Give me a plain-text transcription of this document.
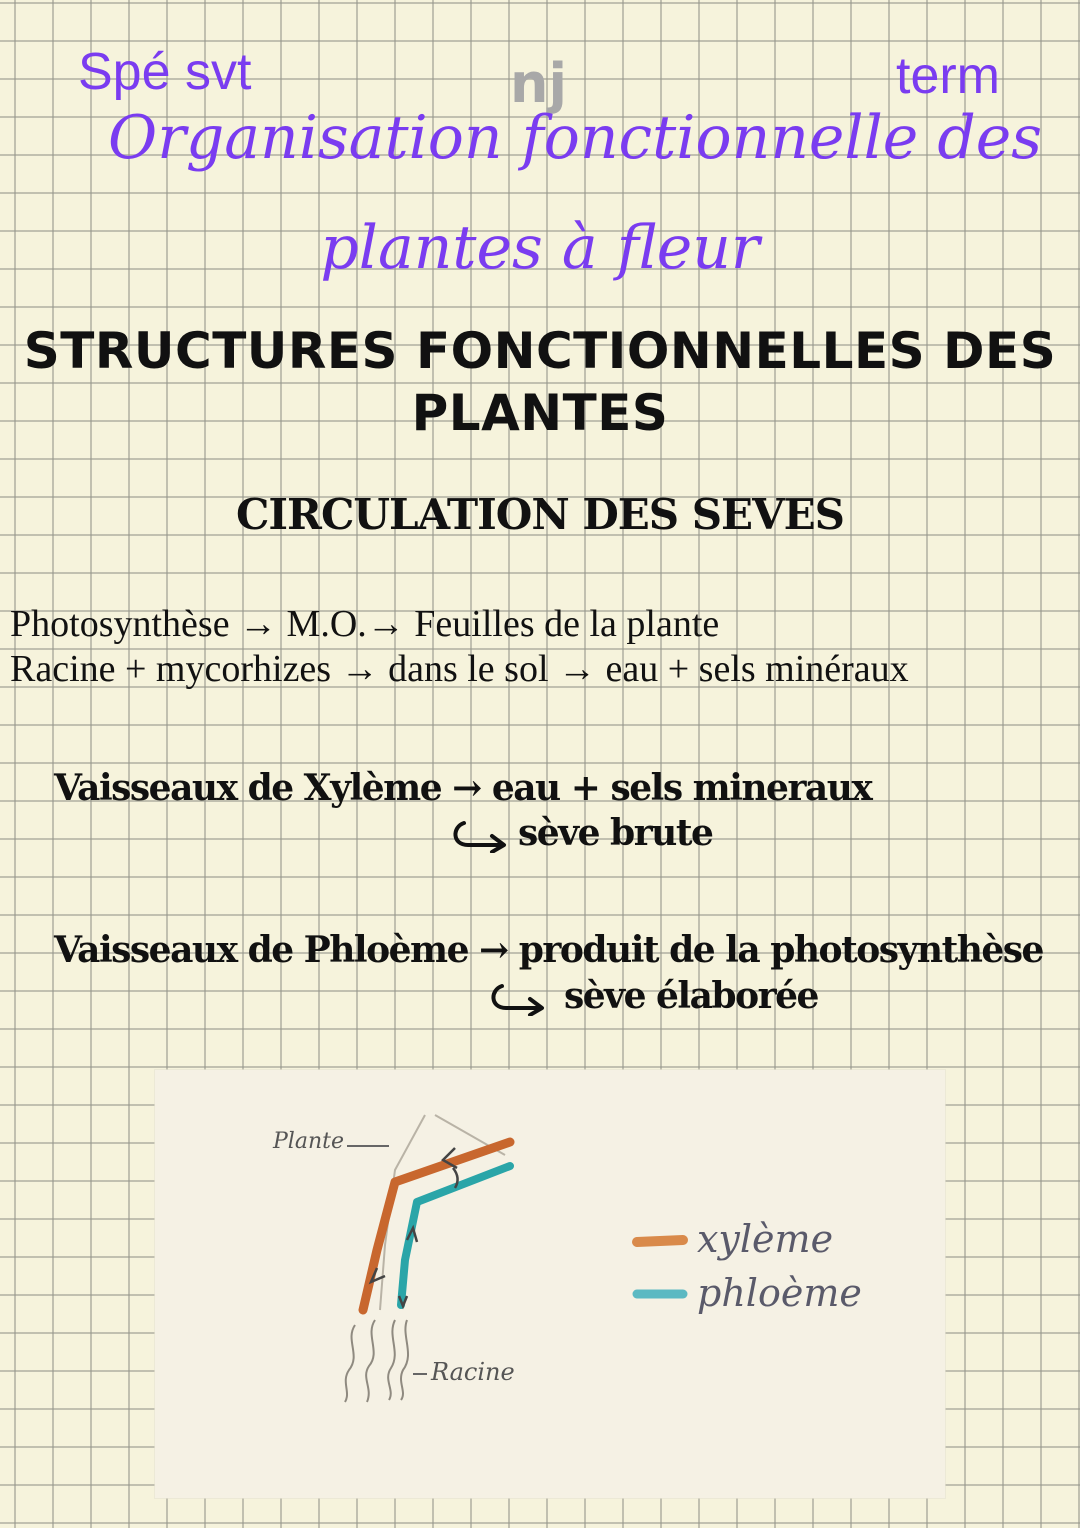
Spé svt	nj	term
Organisation fonctionnelle des
plantes à fleur
STRUCTURES FONCTIONNELLES DES
PLANTES
CIRCULATION DES SEVES
Photosynthèse → M.O.→ Feuilles de la plante
Racine + mycorhizes → dans le sol → eau + sels minéraux
Vaisseaux de Xylème → eau + sels mineraux
sève brute
Vaisseaux de Phloème → produit de la photosynthèse
sève élaborée
Plante
Racine
xylème
phloème
